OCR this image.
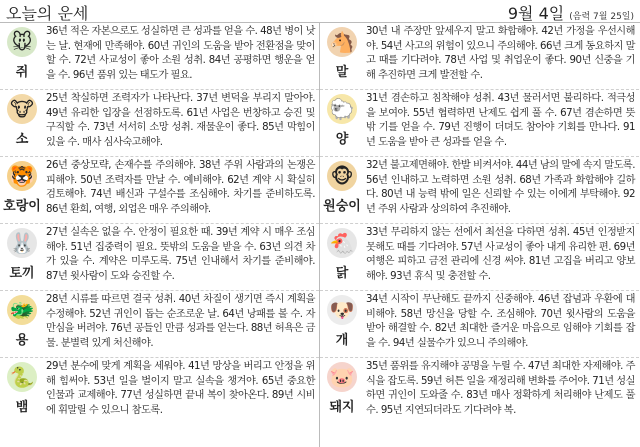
오늘의 운세	9월 4일 (음력 7월 25일)
🐭
쥐
36년 적은 자본으로도 성실하면 큰 성과를 얻을 수. 48년 병이 낫는 날. 현재에 만족해야. 60년 귀인의 도움을 받아 전환점을 맞이할 수. 72년 사교성이 좋아 소원 성취. 84년 공평하면 행운을 얻을 수. 96년 품위 있는 태도가 필요.
🐮
소
25년 착실하면 조력자가 나타난다. 37년 변덕을 부리지 말아야. 49년 유리한 입장을 선점하도록. 61년 사업은 번창하고 승진 및 구직할 수. 73년 서서히 소망 성취. 재물운이 좋다. 85년 막힘이 있을 수. 매사 심사숙고해야.
🐯
호랑이
26년 중상모략, 손재수를 주의해야. 38년 주위 사람과의 논쟁은 피해야. 50년 조력자를 만날 수. 예비해야. 62년 계약 시 확실히 검토해야. 74년 배신과 구설수를 조심해야. 차기를 준비하도록. 86년 환희, 여행, 외업은 매우 주의해야.
🐰
토끼
27년 실속은 없을 수. 안정이 필요한 때. 39년 계약 시 매우 조심해야. 51년 집중력이 필요. 뜻밖의 도움을 받을 수. 63년 의견 차가 있을 수. 계약은 미루도록. 75년 인내해서 차기를 준비해야. 87년 윗사람이 도와 승진할 수.
🐲
용
28년 시류를 따르면 결국 성취. 40년 차질이 생기면 즉시 계획을 수정해야. 52년 귀인이 돕는 순조로운 날. 64년 낭패를 볼 수. 자만심을 버려야. 76년 공들인 만큼 성과를 얻는다. 88년 허욕은 금물. 분별력 있게 처신해야.
🐍
뱀
29년 분수에 맞게 계획을 세워야. 41년 망상을 버리고 안정을 위해 힘써야. 53년 일을 벌이지 말고 실속을 챙겨야. 65년 중요한 인물과 교제해야. 77년 성실하면 끝내 복이 찾아온다. 89년 시비에 휘말릴 수 있으니 참도록.
🐴
말
30년 내 주장만 앞세우지 말고 화합해야. 42년 가정을 우선시해야. 54년 사고의 위험이 있으니 주의해야. 66년 크게 동요하지 말고 때를 기다려야. 78년 사업 및 취업운이 좋다. 90년 신중을 기해 추진하면 크게 발전할 수.
🐑
양
31년 겸손하고 침착해야 성취. 43년 물러서면 불리하다. 적극성을 보여야. 55년 협력하면 난제도 쉽게 풀 수. 67년 겸손하면 뜻밖 기를 얻을 수. 79년 진행이 더뎌도 참아야 기회를 만나다. 91년 도움을 받아 큰 성과를 얻을 수.
🐵
원숭이
32년 불고제면해야. 한발 비켜서야. 44년 남의 말에 속지 말도록. 56년 인내하고 노력하면 소원 성취. 68년 가족과 화합해야 길하다. 80년 내 능력 밖에 일은 신뢰할 수 있는 이에게 부탁해야. 92년 주위 사람과 상의하여 추진해야.
🐔
닭
33년 무리하지 않는 선에서 최선을 다하면 성취. 45년 인정받지 못해도 때를 기다려야. 57년 사교성이 좋아 내게 유리한 편. 69년 여행은 피하고 금전 관리에 신경 써야. 81년 고집을 버리고 양보해야. 93년 휴식 및 충전할 수.
🐶
개
34년 시작이 무난해도 끝까지 신중해야. 46년 잡념과 우환에 대비해야. 58년 망신을 당할 수. 조심해야. 70년 윗사람의 도움을 받아 해결할 수. 82년 최대한 즐거운 마음으로 임해야 기회를 잡을 수. 94년 실물수가 있으니 주의해야.
🐷
돼지
35년 품위를 유지해야 공명을 누릴 수. 47년 최대한 자제해야. 주식을 잡도록. 59년 허튼 일을 재정리해 변화를 주어야. 71년 성실하면 귀인이 도와줄 수. 83년 매사 정확하게 처리해야 난제도 풀 수. 95년 지연되더라도 기다려야 복.
